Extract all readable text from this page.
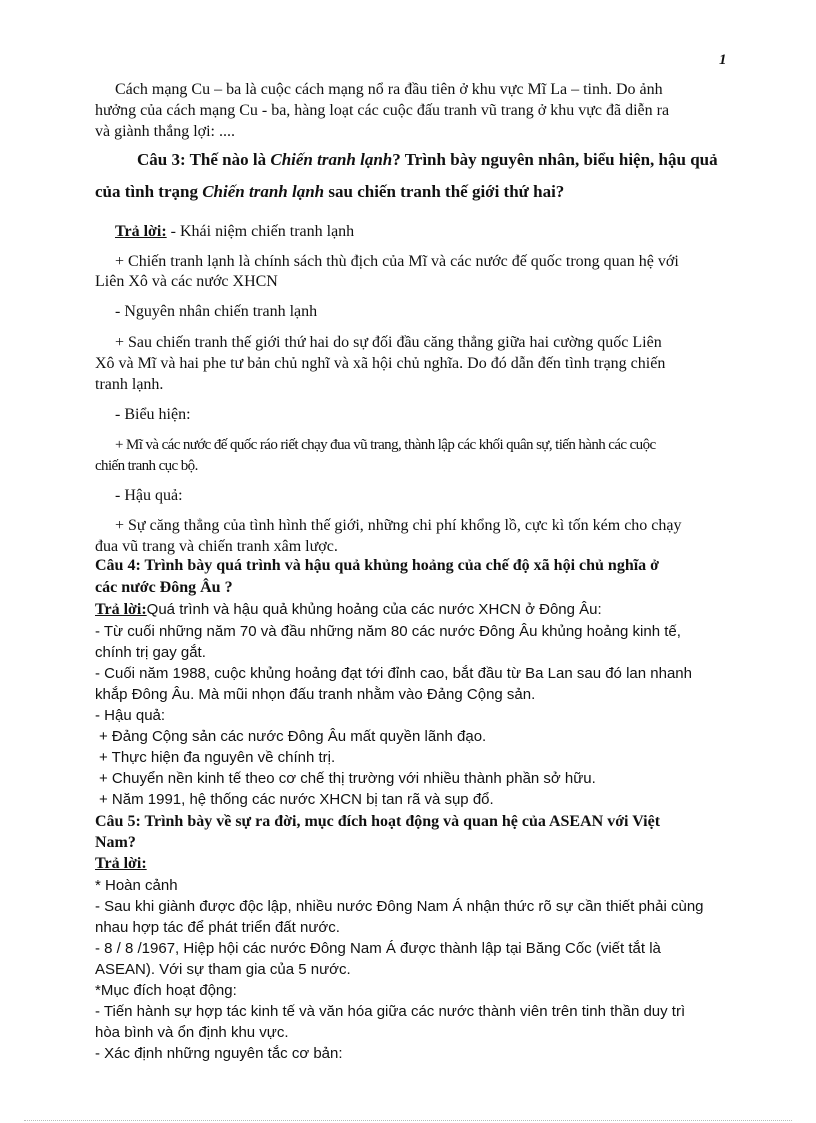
1
Cách mạng Cu – ba là cuộc cách mạng nổ ra đầu tiên ở khu vực Mĩ La – tinh. Do ảnh
hưởng của cách mạng Cu - ba, hàng loạt các cuộc đấu tranh vũ trang ở khu vực đã diễn ra
và giành thắng lợi: ....
Câu 3: Thế nào là Chiến tranh lạnh? Trình bày nguyên nhân, biểu hiện, hậu quả
của tình trạng Chiến tranh lạnh sau chiến tranh thế giới thứ hai?
Trả lời: - Khái niệm chiến tranh lạnh
+ Chiến tranh lạnh là chính sách thù địch của Mĩ và các nước đế quốc trong quan hệ với
Liên Xô và các nước XHCN
- Nguyên nhân chiến tranh lạnh
+ Sau chiến tranh thế giới thứ hai do sự đối đầu căng thẳng giữa hai cường quốc Liên
Xô và Mĩ và hai phe tư bản chủ nghĩ và xã hội chủ nghĩa. Do đó dẫn đến tình trạng chiến
tranh lạnh.
- Biểu hiện:
+ Mĩ và các nước đế quốc ráo riết chạy đua vũ trang, thành lập các khối quân sự, tiến hành các cuộc
chiến tranh cục bộ.
- Hậu quả:
+ Sự căng thẳng của tình hình thế giới, những chi phí khổng lồ, cực kì tốn kém cho chạy
đua vũ trang và chiến tranh xâm lược.
Câu 4: Trình bày quá trình và hậu quả khủng hoảng của chế độ xã hội chủ nghĩa ở
các nước Đông Âu ?
Trả lời:Quá trình và hậu quả khủng hoảng của các nước XHCN ở Đông Âu:
- Từ cuối những năm 70 và đầu những năm 80 các nước Đông Âu khủng hoảng kinh tế,
chính trị gay gắt.
- Cuối năm 1988, cuộc khủng hoảng đạt tới đỉnh cao, bắt đầu từ Ba Lan sau đó lan nhanh
khắp Đông Âu. Mà mũi nhọn đấu tranh nhằm vào Đảng Cộng sản.
- Hậu quả:
+ Đảng Cộng sản các nước Đông Âu mất quyền lãnh đạo.
+ Thực hiện đa nguyên về chính trị.
+ Chuyển nền kinh tế theo cơ chế thị trường với nhiều thành phần sở hữu.
+ Năm 1991, hệ thống các nước XHCN bị tan rã và sụp đổ.
Câu 5: Trình bày về sự ra đời, mục đích hoạt động và quan hệ của ASEAN với Việt
Nam?
Trả lời:
* Hoàn cảnh
- Sau khi giành được độc lập, nhiều nước Đông Nam Á nhận thức rõ sự cần thiết phải cùng
nhau hợp tác để phát triển đất nước.
- 8 / 8 /1967, Hiệp hội các nước Đông Nam Á được thành lập tại Băng Cốc (viết tắt là
ASEAN). Với sự tham gia của 5 nước.
*Mục đích hoạt động:
- Tiến hành sự hợp tác kinh tế và văn hóa giữa các nước thành viên trên tinh thần duy trì
hòa bình và ổn định khu vực.
- Xác định những nguyên tắc cơ bản:
